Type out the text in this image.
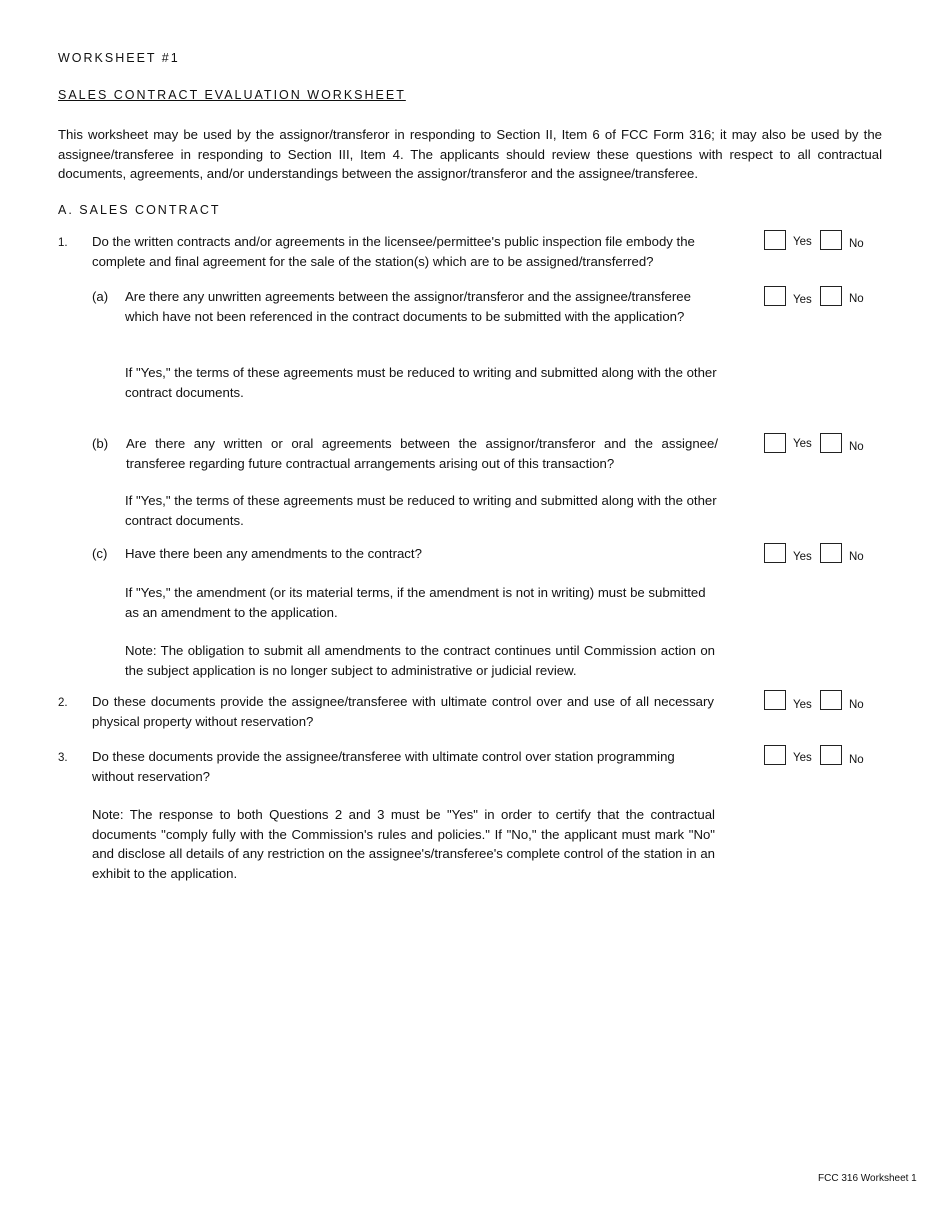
WORKSHEET #1
SALES CONTRACT EVALUATION WORKSHEET

This worksheet may be used by the assignor/transferor in responding to Section II, Item 6 of FCC Form 316; it may also be used by the assignee/transferee in responding to Section III, Item 4. The applicants should review these questions with respect to all contractual documents, agreements, and/or understandings between the assignor/transferor and the assignee/transferee.

A. SALES CONTRACT
1. Do the written contracts and/or agreements in the licensee/permittee's public inspection file embody the complete and final agreement for the sale of the station(s) which are to be assigned/transferred?

Yes	No
(a) Are there any unwritten agreements between the assignor/transferor and the assignee/transferee which have not been referenced in the contract documents to be submitted with the application?

If "Yes," the terms of these agreements must be reduced to writing and submitted along with the other contract documents.

Yes	No
(b) Are there any written or oral agreements between the assignor/transferor and the assignee/ transferee regarding future contractual arrangements arising out of this transaction?

If "Yes," the terms of these agreements must be reduced to writing and submitted along with the other contract documents.

Yes	No
(c) Have there been any amendments to the contract?

If "Yes," the amendment (or its material terms, if the amendment is not in writing) must be submitted as an amendment to the application.

Note: The obligation to submit all amendments to the contract continues until Commission action on the subject application is no longer subject to administrative or judicial review.

Yes	No
2. Do these documents provide the assignee/transferee with ultimate control over and use of all necessary physical property without reservation?

Yes	No
3. Do these documents provide the assignee/transferee with ultimate control over station programming without reservation?

Note: The response to both Questions 2 and 3 must be "Yes" in order to certify that the contractual documents "comply fully with the Commission's rules and policies." If "No," the applicant must mark "No" and disclose all details of any restriction on the assignee's/transferee's complete control of the station in an exhibit to the application.

Yes	No
FCC 316 Worksheet 1
